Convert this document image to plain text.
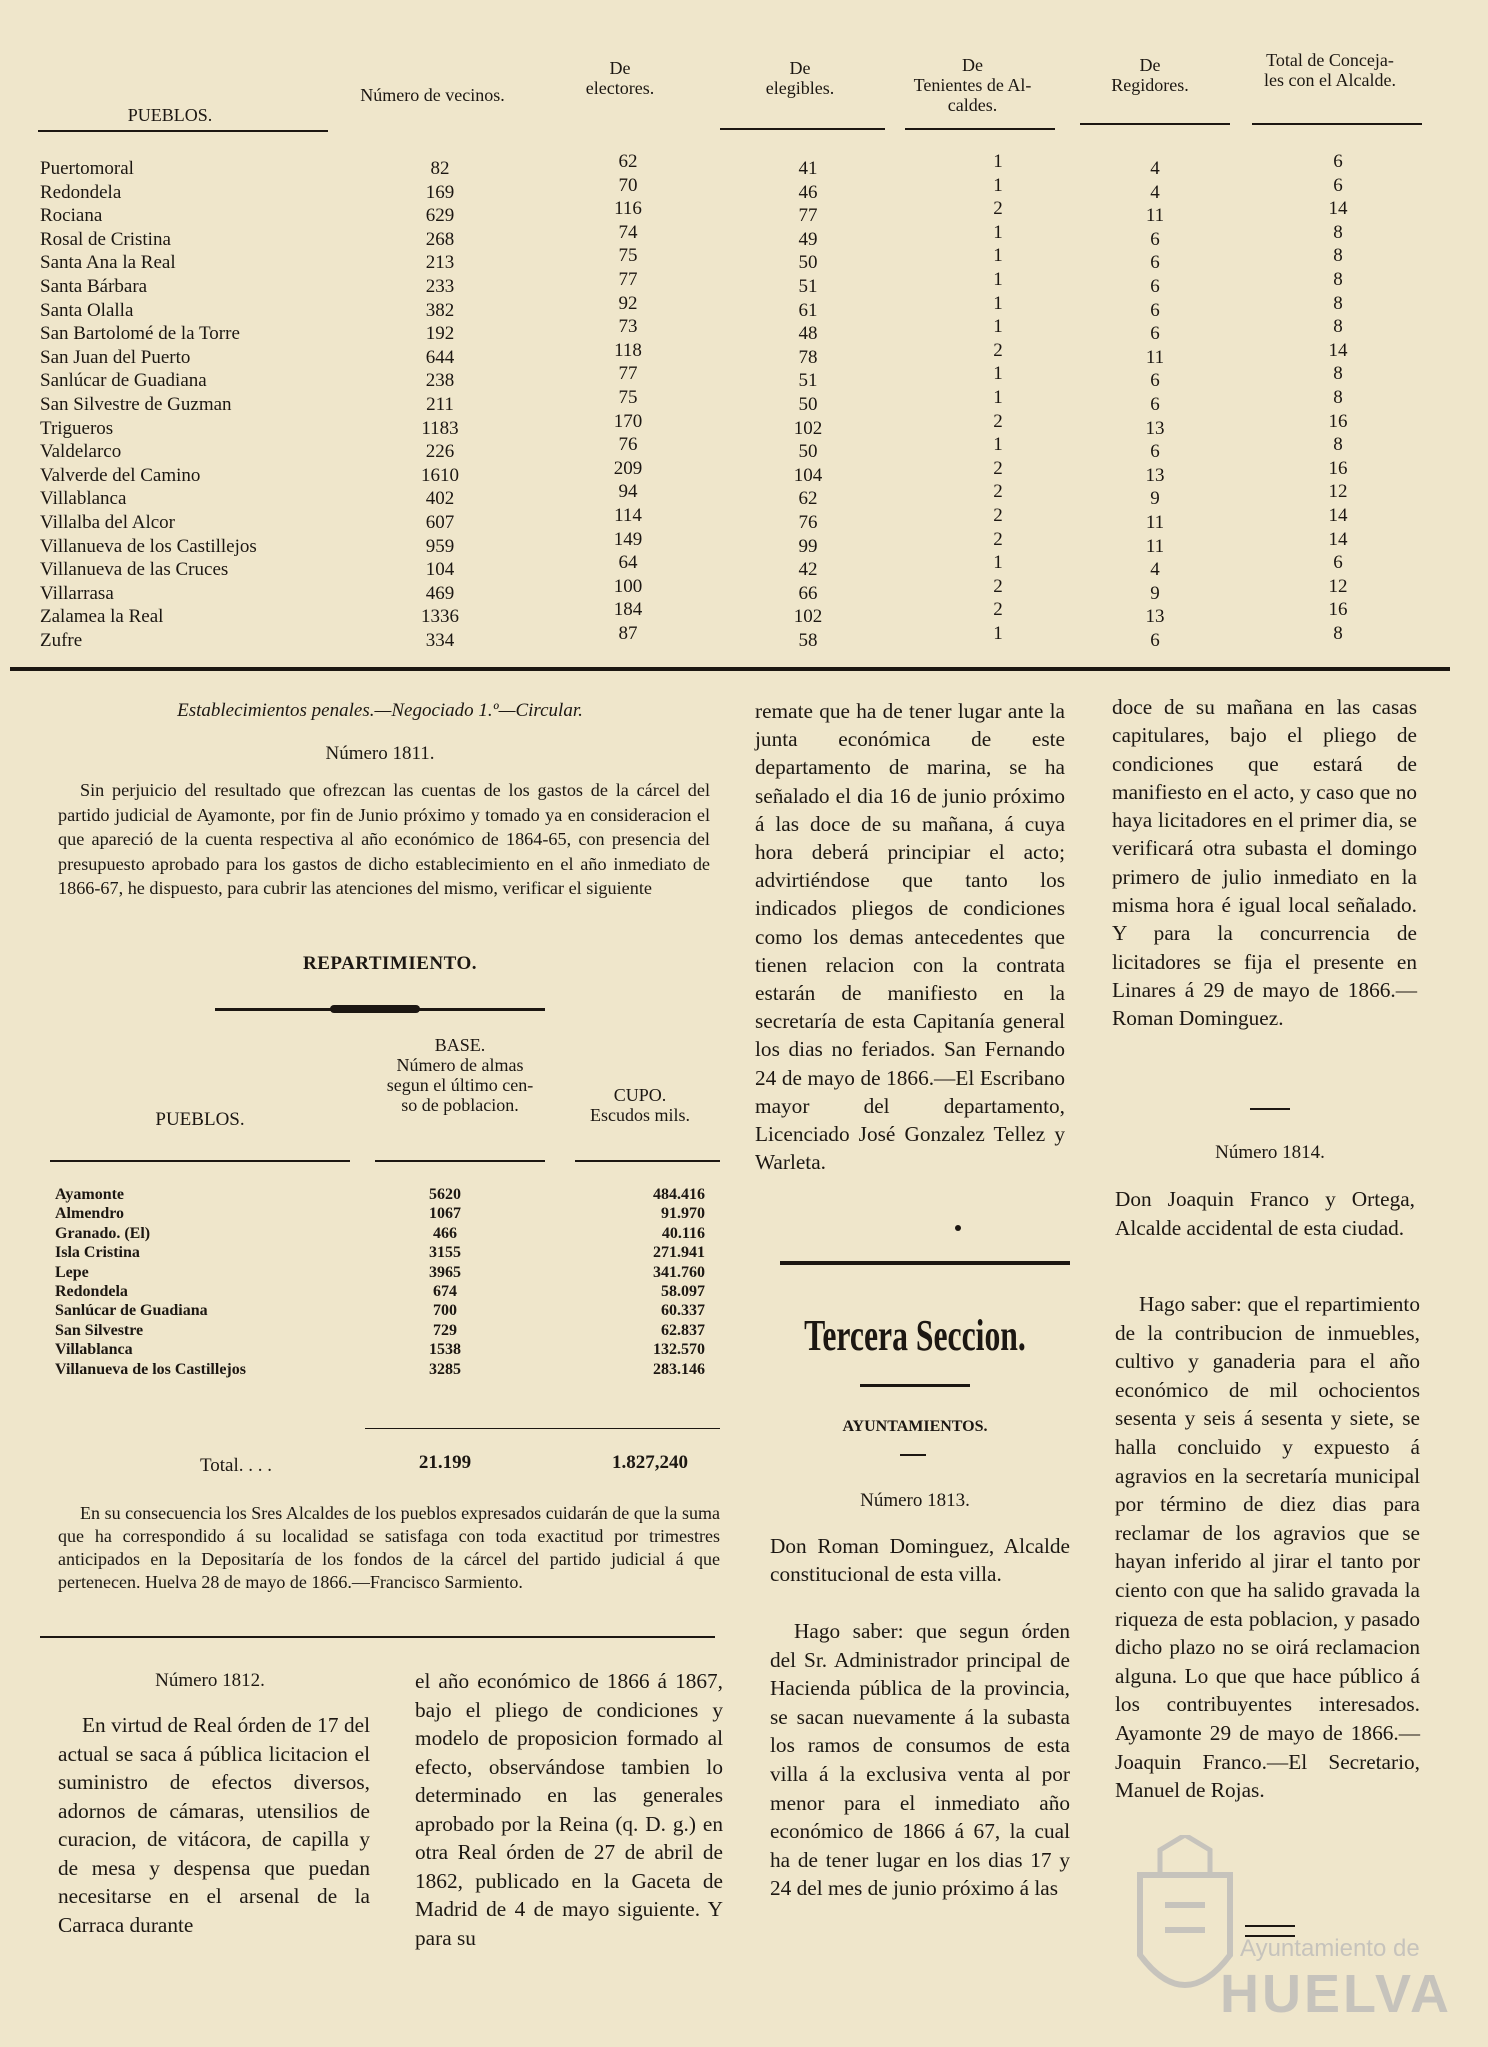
PUEBLOS.
Número de vecinos.
De
electores.
De
elegibles.
De
Tenientes de Al-
caldes.
De
Regidores.
Total de Conceja-
les con el Alcalde.
Puertomoral	82	62	41	1	4	6
Redondela	169	70	46	1	4	6
Rociana	629	116	77	2	11	14
Rosal de Cristina	268	74	49	1	6	8
Santa Ana la Real	213	75	50	1	6	8
Santa Bárbara	233	77	51	1	6	8
Santa Olalla	382	92	61	1	6	8
San Bartolomé de la Torre	192	73	48	1	6	8
San Juan del Puerto	644	118	78	2	11	14
Sanlúcar de Guadiana	238	77	51	1	6	8
San Silvestre de Guzman	211	75	50	1	6	8
Trigueros	1183	170	102	2	13	16
Valdelarco	226	76	50	1	6	8
Valverde del Camino	1610	209	104	2	13	16
Villablanca	402	94	62	2	9	12
Villalba del Alcor	607	114	76	2	11	14
Villanueva de los Castillejos	959	149	99	2	11	14
Villanueva de las Cruces	104	64	42	1	4	6
Villarrasa	469	100	66	2	9	12
Zalamea la Real	1336	184	102	2	13	16
Zufre	334	87	58	1	6	8
Establecimientos penales.—Negociado 1.º—Circular.
Número 1811.

Sin perjuicio del resultado que ofrezcan las cuentas de los gastos de la cárcel del partido judicial de Ayamonte, por fin de Junio próximo y tomado ya en consideracion el que apareció de la cuenta respectiva al año económico de 1864-65, con presencia del presupuesto aprobado para los gastos de dicho establecimiento en el año inmediato de 1866-67, he dispuesto, para cubrir las atenciones del mismo, verificar el siguiente

REPARTIMIENTO.
PUEBLOS.
BASE.
Número de almas
segun el último cen-
so de poblacion.	CUPO.
Escudos mils.
Ayamonte	5620	484.416
Almendro	1067	91.970
Granado. (El)	466	40.116
Isla Cristina	3155	271.941
Lepe	3965	341.760
Redondela	674	58.097
Sanlúcar de Guadiana	700	60.337
San Silvestre	729	62.837
Villablanca	1538	132.570
Villanueva de los Castillejos	3285	283.146
Total. . . .	21.199	1.827,240

En su consecuencia los Sres Alcaldes de los pueblos expresados cuidarán de que la suma que ha correspondido á su localidad se satisfaga con toda exactitud por trimestres anticipados en la Depositaría de los fondos de la cárcel del partido judicial á que pertenecen. Huelva 28 de mayo de 1866.—Francisco Sarmiento.

Número 1812.

En virtud de Real órden de 17 del actual se saca á pública licitacion el suministro de efectos diversos, adornos de cámaras, utensilios de curacion, de vitácora, de capilla y de mesa y despensa que puedan necesitarse en el arsenal de la Carraca durante

el año económico de 1866 á 1867, bajo el pliego de condiciones y modelo de proposicion formado al efecto, observándose tambien lo determinado en las generales aprobado por la Reina (q. D. g.) en otra Real órden de 27 de abril de 1862, publicado en la Gaceta de Madrid de 4 de mayo siguiente. Y para su

remate que ha de tener lugar ante la junta económica de este departamento de marina, se ha señalado el dia 16 de junio próximo á las doce de su mañana, á cuya hora deberá principiar el acto; advirtiéndose que tanto los indicados pliegos de condiciones como los demas antecedentes que tienen relacion con la contrata estarán de manifiesto en la secretaría de esta Capitanía general los dias no feriados. San Fernando 24 de mayo de 1866.—El Escribano mayor del departamento, Licenciado José Gonzalez Tellez y Warleta.

Tercera Seccion.
AYUNTAMIENTOS.
Número 1813.

Don Roman Dominguez, Alcalde constitucional de esta villa.

Hago saber: que segun órden del Sr. Administrador principal de Hacienda pública de la provincia, se sacan nuevamente á la subasta los ramos de consumos de esta villa á la exclusiva venta al por menor para el inmediato año económico de 1866 á 67, la cual ha de tener lugar en los dias 17 y 24 del mes de junio próximo á las

doce de su mañana en las casas capitulares, bajo el pliego de condiciones que estará de manifiesto en el acto, y caso que no haya licitadores en el primer dia, se verificará otra subasta el domingo primero de julio inmediato en la misma hora é igual local señalado. Y para la concurrencia de licitadores se fija el presente en Linares á 29 de mayo de 1866.—Roman Dominguez.

Número 1814.

Don Joaquin Franco y Ortega, Alcalde accidental de esta ciudad.

Hago saber: que el repartimiento de la contribucion de inmuebles, cultivo y ganaderia para el año económico de mil ochocientos sesenta y seis á sesenta y siete, se halla concluido y expuesto á agravios en la secretaría municipal por término de diez dias para reclamar de los agravios que se hayan inferido al jirar el tanto por ciento con que ha salido gravada la riqueza de esta poblacion, y pasado dicho plazo no se oirá reclamacion alguna. Lo que que hace público á los contribuyentes interesados. Ayamonte 29 de mayo de 1866.—Joaquin Franco.—El Secretario, Manuel de Rojas.

Ayuntamiento de
HUELVA
